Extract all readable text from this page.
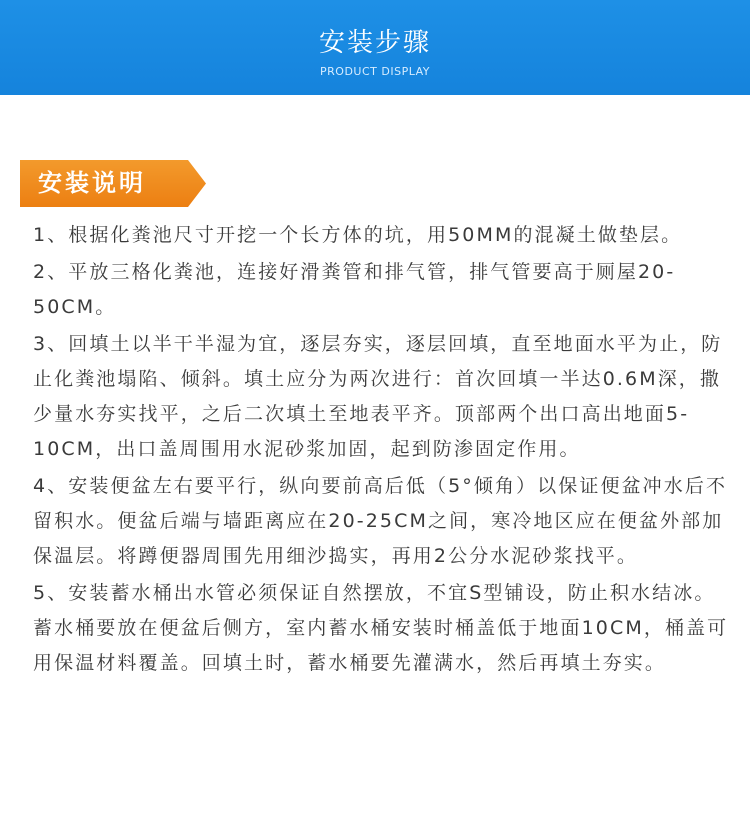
安装步骤
PRODUCT DISPLAY
安装说明

1、根据化粪池尺寸开挖一个长方体的坑，用50MM的混凝土做垫层。

2、平放三格化粪池，连接好滑粪管和排气管，排气管要高于厕屋20-50CM。

3、回填土以半干半湿为宜，逐层夯实，逐层回填，直至地面水平为止，防止化粪池塌陷、倾斜。填土应分为两次进行：首次回填一半达0.6M深，撒少量水夯实找平，之后二次填土至地表平齐。顶部两个出口高出地面5-10CM，出口盖周围用水泥砂浆加固，起到防渗固定作用。

4、安装便盆左右要平行，纵向要前高后低（5°倾角）以保证便盆冲水后不留积水。便盆后端与墙距离应在20-25CM之间，寒冷地区应在便盆外部加保温层。将蹲便器周围先用细沙捣实，再用2公分水泥砂浆找平。

5、安装蓄水桶出水管必须保证自然摆放，不宜S型铺设，防止积水结冰。蓄水桶要放在便盆后侧方，室内蓄水桶安装时桶盖低于地面10CM，桶盖可用保温材料覆盖。回填土时，蓄水桶要先灌满水，然后再填土夯实。
